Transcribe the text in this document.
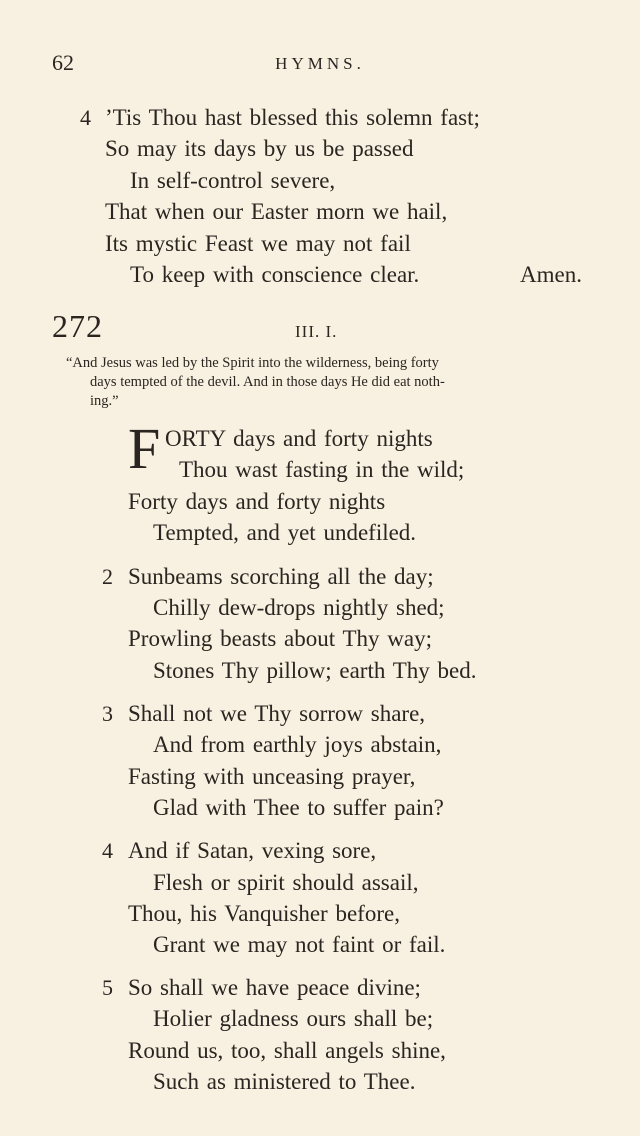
62	HYMNS.
4 ’Tis Thou hast blessed this solemn fast;
So may its days by us be passed
In self-control severe,
That when our Easter morn we hail,
Its mystic Feast we may not fail
To keep with conscience clear.	Amen.
272	III. I.
“And Jesus was led by the Spirit into the wilderness, being forty
days tempted of the devil. And in those days He did eat noth-
ing.”
F ORTY days and forty nights
Thou wast fasting in the wild;
Forty days and forty nights
Tempted, and yet undefiled.
2 Sunbeams scorching all the day;
Chilly dew-drops nightly shed;
Prowling beasts about Thy way;
Stones Thy pillow; earth Thy bed.
3 Shall not we Thy sorrow share,
And from earthly joys abstain,
Fasting with unceasing prayer,
Glad with Thee to suffer pain?
4 And if Satan, vexing sore,
Flesh or spirit should assail,
Thou, his Vanquisher before,
Grant we may not faint or fail.
5 So shall we have peace divine;
Holier gladness ours shall be;
Round us, too, shall angels shine,
Such as ministered to Thee.
